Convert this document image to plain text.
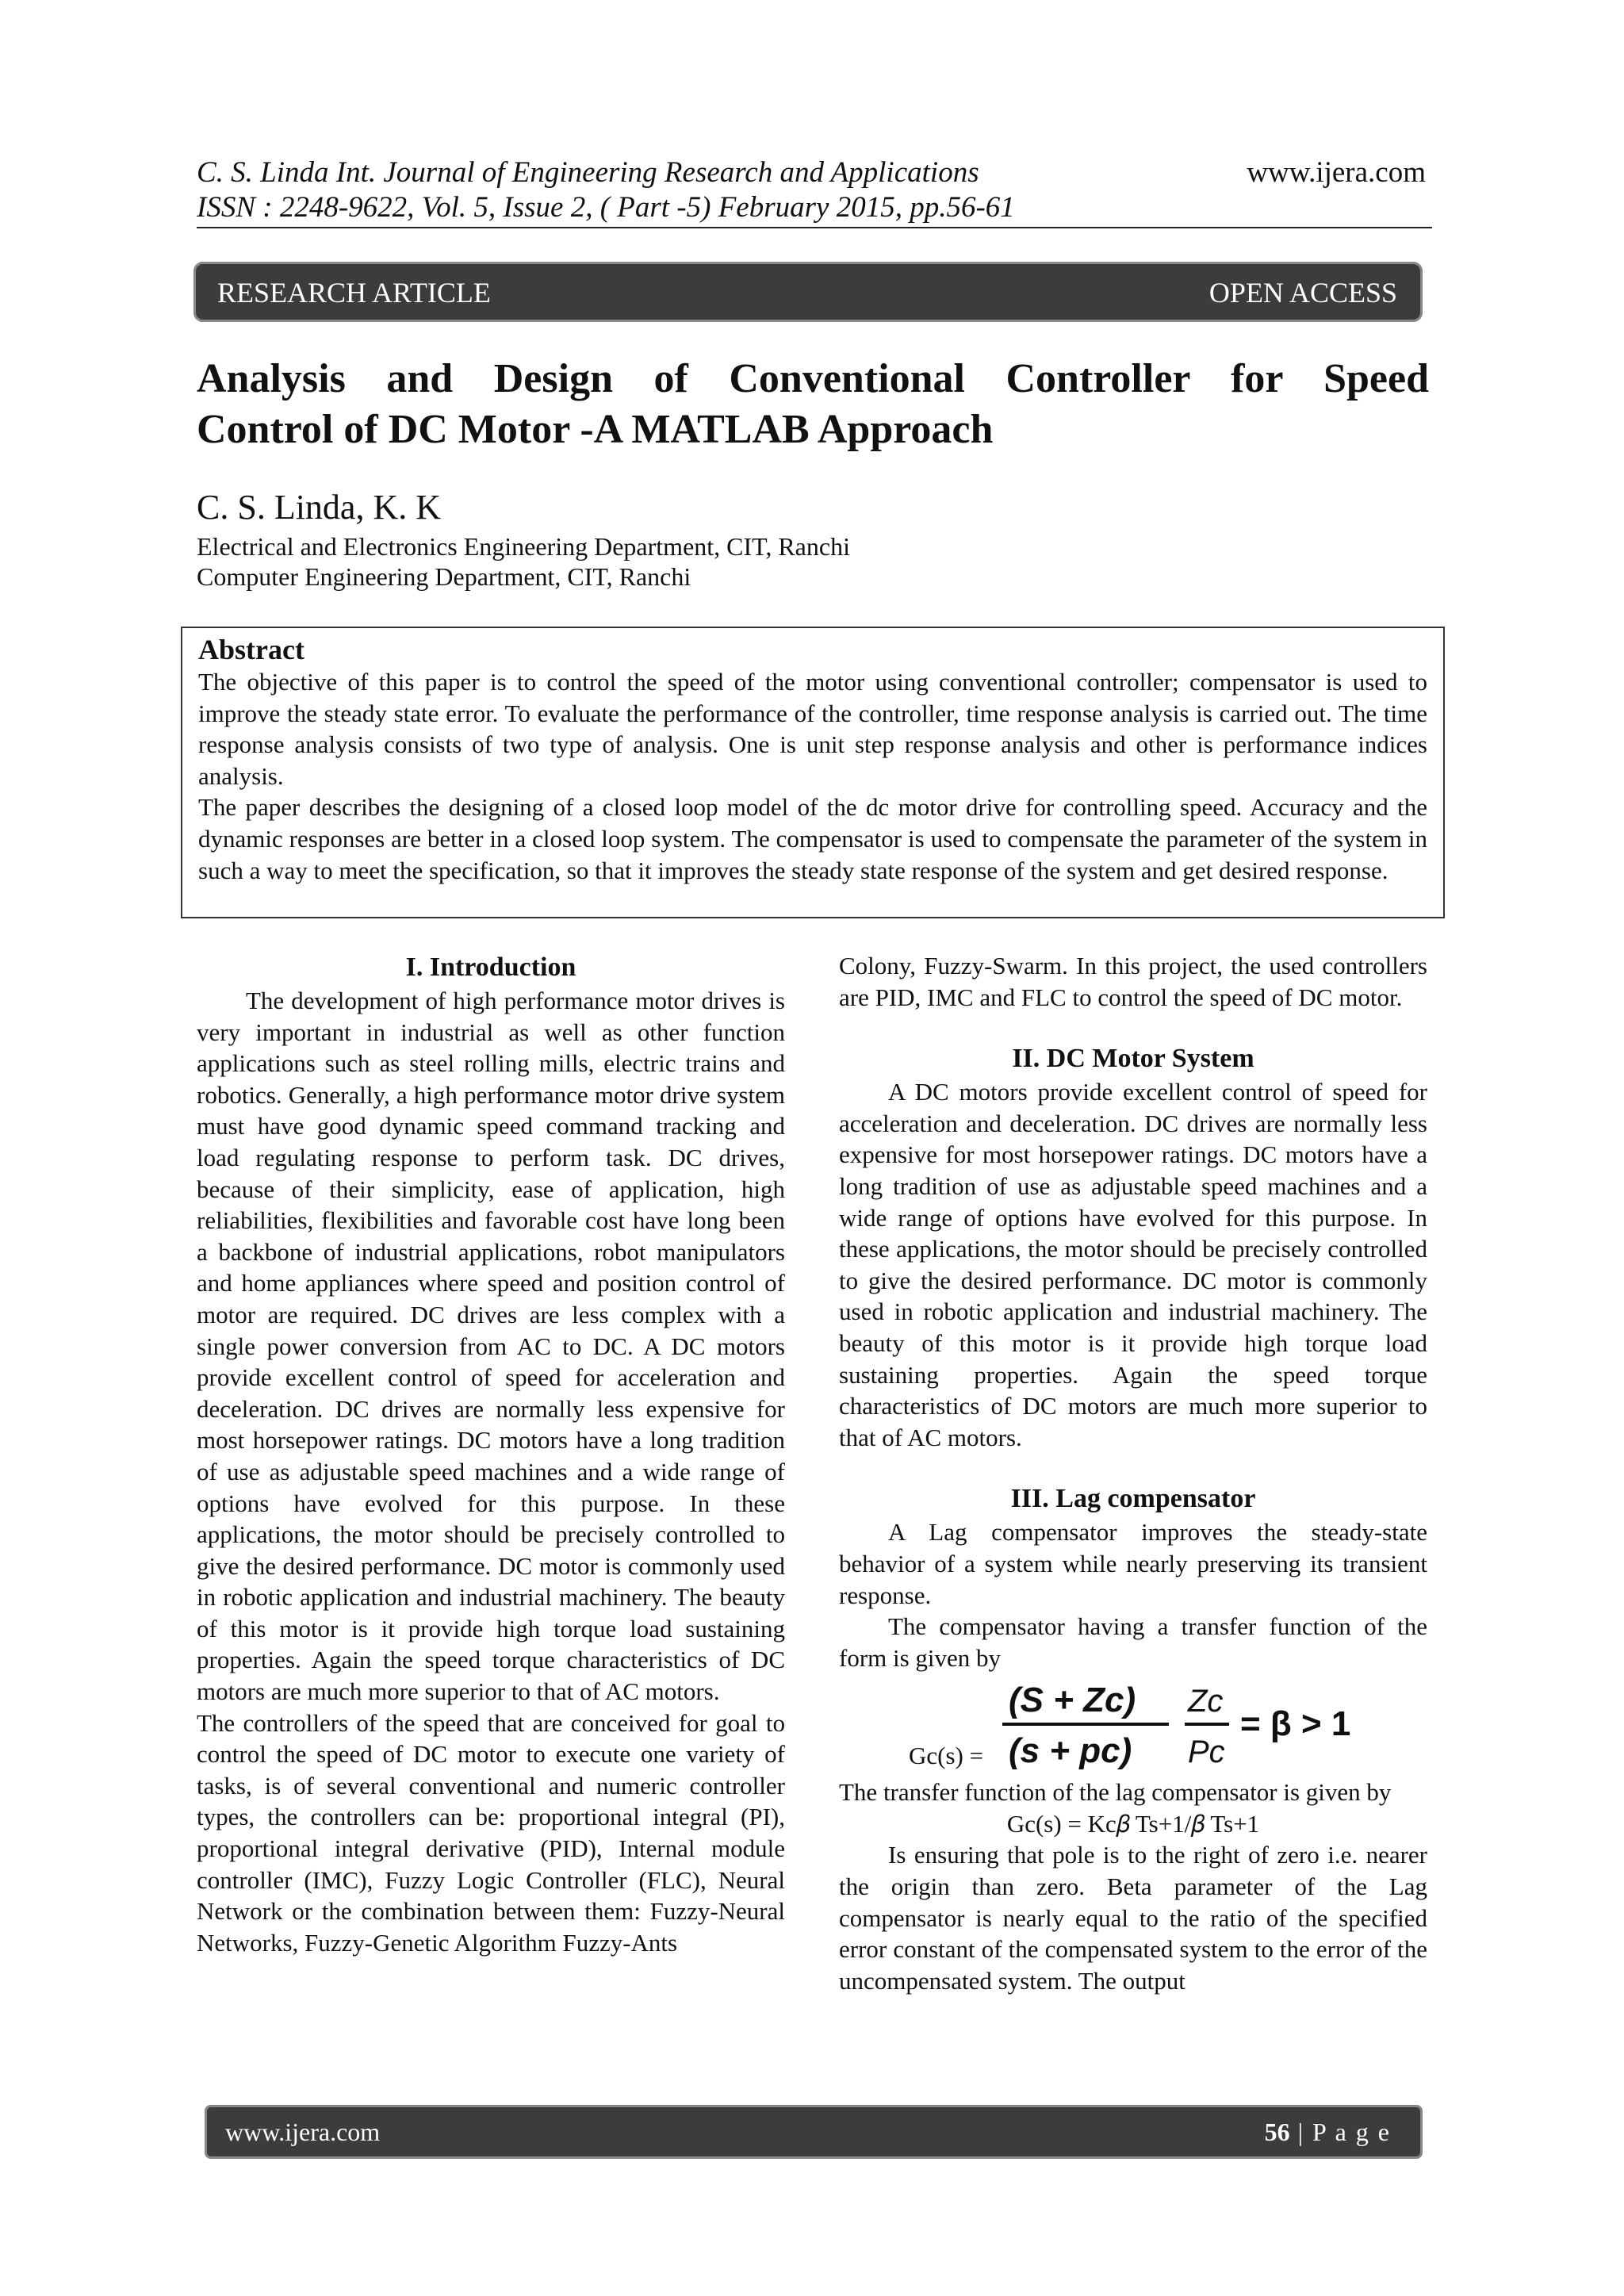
C. S. Linda Int. Journal of Engineering Research and Applications
ISSN : 2248-9622, Vol. 5, Issue 2, ( Part -5) February 2015, pp.56-61
www.ijera.com
RESEARCH ARTICLE	OPEN ACCESS
Analysis and Design of Conventional Controller for Speed
Control of DC Motor -A MATLAB Approach
C. S. Linda, K. K
Electrical and Electronics Engineering Department, CIT, Ranchi
Computer Engineering Department, CIT, Ranchi
Abstract

The objective of this paper is to control the speed of the motor using conventional controller; compensator is used to improve the steady state error. To evaluate the performance of the controller, time response analysis is carried out. The time response analysis consists of two type of analysis. One is unit step response analysis and other is performance indices analysis.

The paper describes the designing of a closed loop model of the dc motor drive for controlling speed. Accuracy and the dynamic responses are better in a closed loop system. The compensator is used to compensate the parameter of the system in such a way to meet the specification, so that it improves the steady state response of the system and get desired response.

I. Introduction

The development of high performance motor drives is very important in industrial as well as other function applications such as steel rolling mills, electric trains and robotics. Generally, a high performance motor drive system must have good dynamic speed command tracking and load regulating response to perform task. DC drives, because of their simplicity, ease of application, high reliabilities, flexibilities and favorable cost have long been a backbone of industrial applications, robot manipulators and home appliances where speed and position control of motor are required. DC drives are less complex with a single power conversion from AC to DC. A DC motors provide excellent control of speed for acceleration and deceleration. DC drives are normally less expensive for most horsepower ratings. DC motors have a long tradition of use as adjustable speed machines and a wide range of options have evolved for this purpose. In these applications, the motor should be precisely controlled to give the desired performance. DC motor is commonly used in robotic application and industrial machinery. The beauty of this motor is it provide high torque load sustaining properties. Again the speed torque characteristics of DC motors are much more superior to that of AC motors.

The controllers of the speed that are conceived for goal to control the speed of DC motor to execute one variety of tasks, is of several conventional and numeric controller types, the controllers can be: proportional integral (PI), proportional integral derivative (PID), Internal module controller (IMC), Fuzzy Logic Controller (FLC), Neural Network or the combination between them: Fuzzy-Neural Networks, Fuzzy-Genetic Algorithm Fuzzy-Ants

Colony, Fuzzy-Swarm. In this project, the used controllers are PID, IMC and FLC to control the speed of DC motor.

II. DC Motor System

A DC motors provide excellent control of speed for acceleration and deceleration. DC drives are normally less expensive for most horsepower ratings. DC motors have a long tradition of use as adjustable speed machines and a wide range of options have evolved for this purpose. In these applications, the motor should be precisely controlled to give the desired performance. DC motor is commonly used in robotic application and industrial machinery. The beauty of this motor is it provide high torque load sustaining properties. Again the speed torque characteristics of DC motors are much more superior to that of AC motors.

III. Lag compensator

A Lag compensator improves the steady-state behavior of a system while nearly preserving its transient response.

The compensator having a transfer function of the form is given by

Gc(s) =
(S + Zc)
(s + pc)
Zc
Pc
= β > 1

The transfer function of the lag compensator is given by

Gc(s) = Kc𝛽 Ts+1/𝛽 Ts+1

Is ensuring that pole is to the right of zero i.e. nearer the origin than zero. Beta parameter of the Lag compensator is nearly equal to the ratio of the specified error constant of the compensated system to the error of the uncompensated system. The output

www.ijera.com	56 | P a g e
